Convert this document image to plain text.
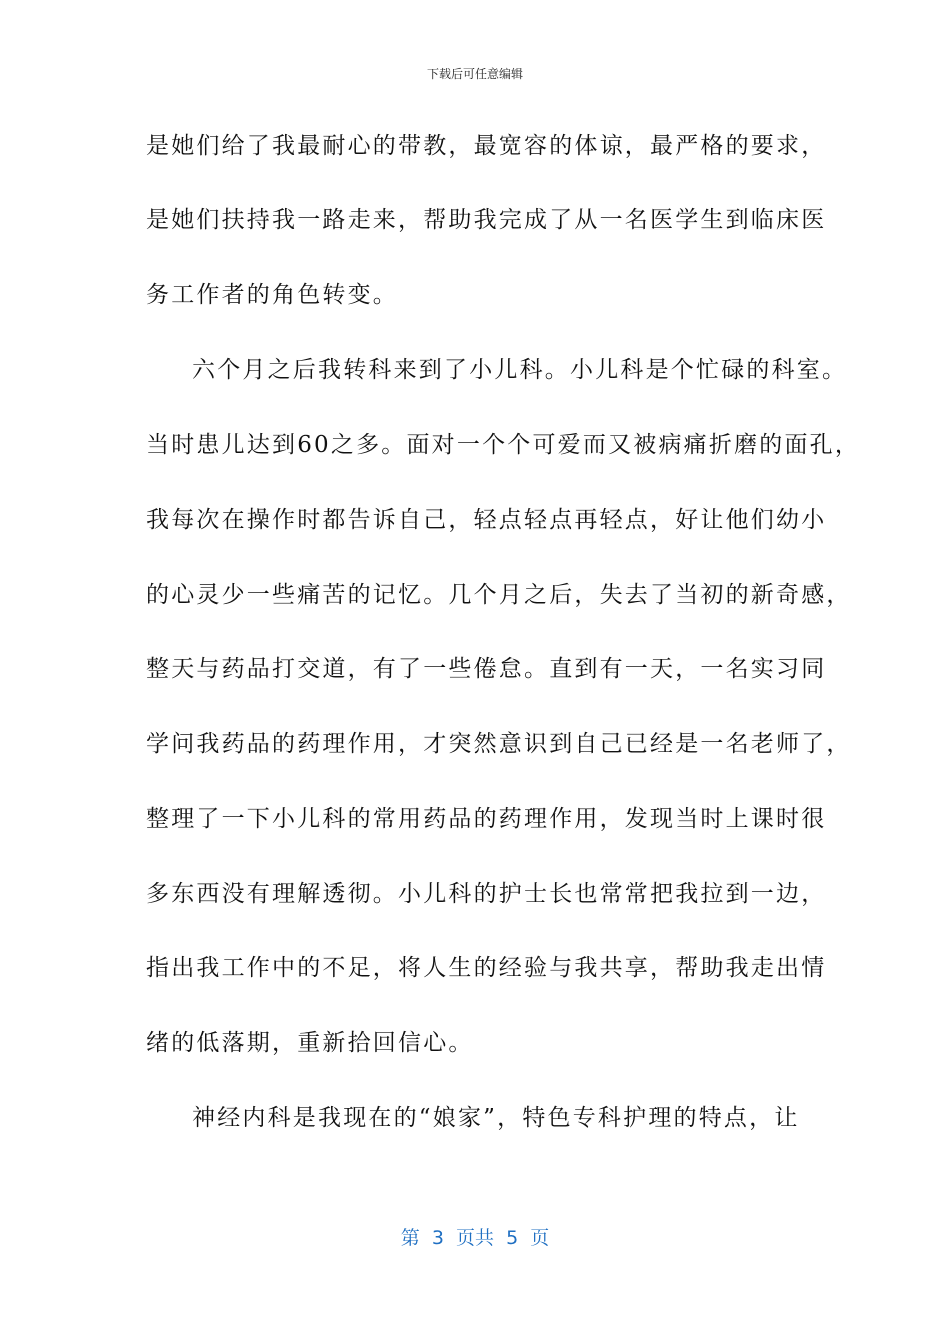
下载后可任意编辑
是她们给了我最耐心的带教，最宽容的体谅，最严格的要求，
是她们扶持我一路走来，帮助我完成了从一名医学生到临床医
务工作者的角色转变。
六个月之后我转科来到了小儿科。小儿科是个忙碌的科室。
当时患儿达到60之多。面对一个个可爱而又被病痛折磨的面孔，
我每次在操作时都告诉自己，轻点轻点再轻点，好让他们幼小
的心灵少一些痛苦的记忆。几个月之后，失去了当初的新奇感，
整天与药品打交道，有了一些倦怠。直到有一天，一名实习同
学问我药品的药理作用，才突然意识到自己已经是一名老师了，
整理了一下小儿科的常用药品的药理作用，发现当时上课时很
多东西没有理解透彻。小儿科的护士长也常常把我拉到一边，
指出我工作中的不足，将人生的经验与我共享，帮助我走出情
绪的低落期，重新拾回信心。
神经内科是我现在的“娘家”，特色专科护理的特点，让
第  3  页共  5  页
